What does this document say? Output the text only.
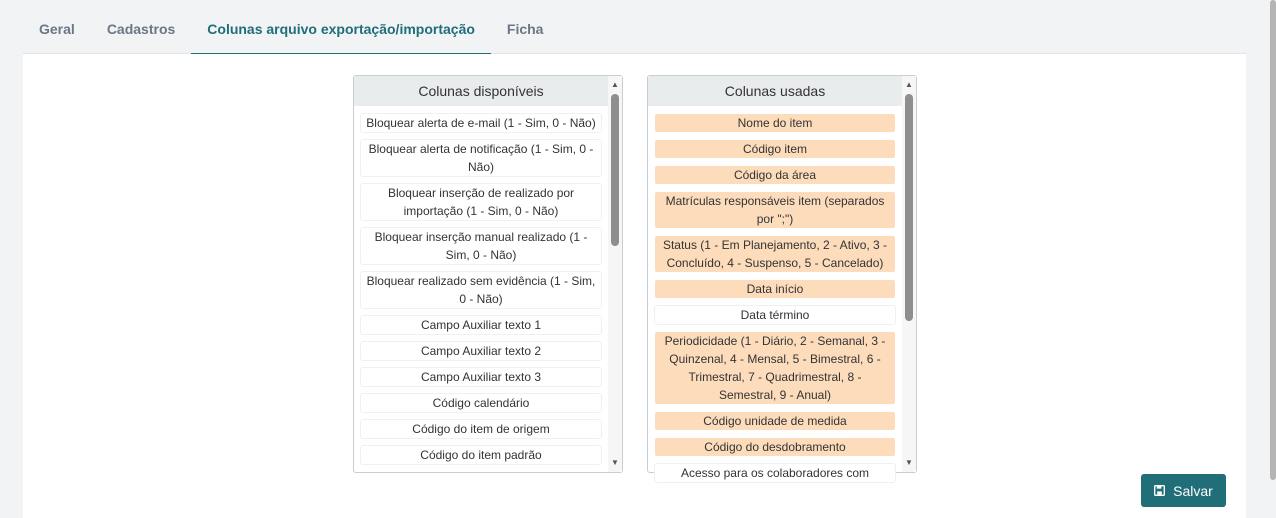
Geral	Cadastros	Colunas arquivo exportação/importação	Ficha
Colunas disponíveis
Bloquear alerta de e-mail (1 - Sim, 0 - Não)
Bloquear alerta de notificação (1 - Sim, 0 - Não)
Bloquear inserção de realizado por importação (1 - Sim, 0 - Não)
Bloquear inserção manual realizado (1 - Sim, 0 - Não)
Bloquear realizado sem evidência (1 - Sim, 0 - Não)
Campo Auxiliar texto 1
Campo Auxiliar texto 2
Campo Auxiliar texto 3
Código calendário
Código do item de origem
Código do item padrão
▲
▼
Colunas usadas
Nome do item
Código item
Código da área
Matrículas responsáveis item (separados por ";")
Status (1 - Em Planejamento, 2 - Ativo, 3 - Concluído, 4 - Suspenso, 5 - Cancelado)
Data início
Data término
Periodicidade (1 - Diário, 2 - Semanal, 3 - Quinzenal, 4 - Mensal, 5 - Bimestral, 6 - Trimestral, 7 - Quadrimestral, 8 - Semestral, 9 - Anual)
Código unidade de medida
Código do desdobramento
Acesso para os colaboradores com
▲
▼
Salvar
